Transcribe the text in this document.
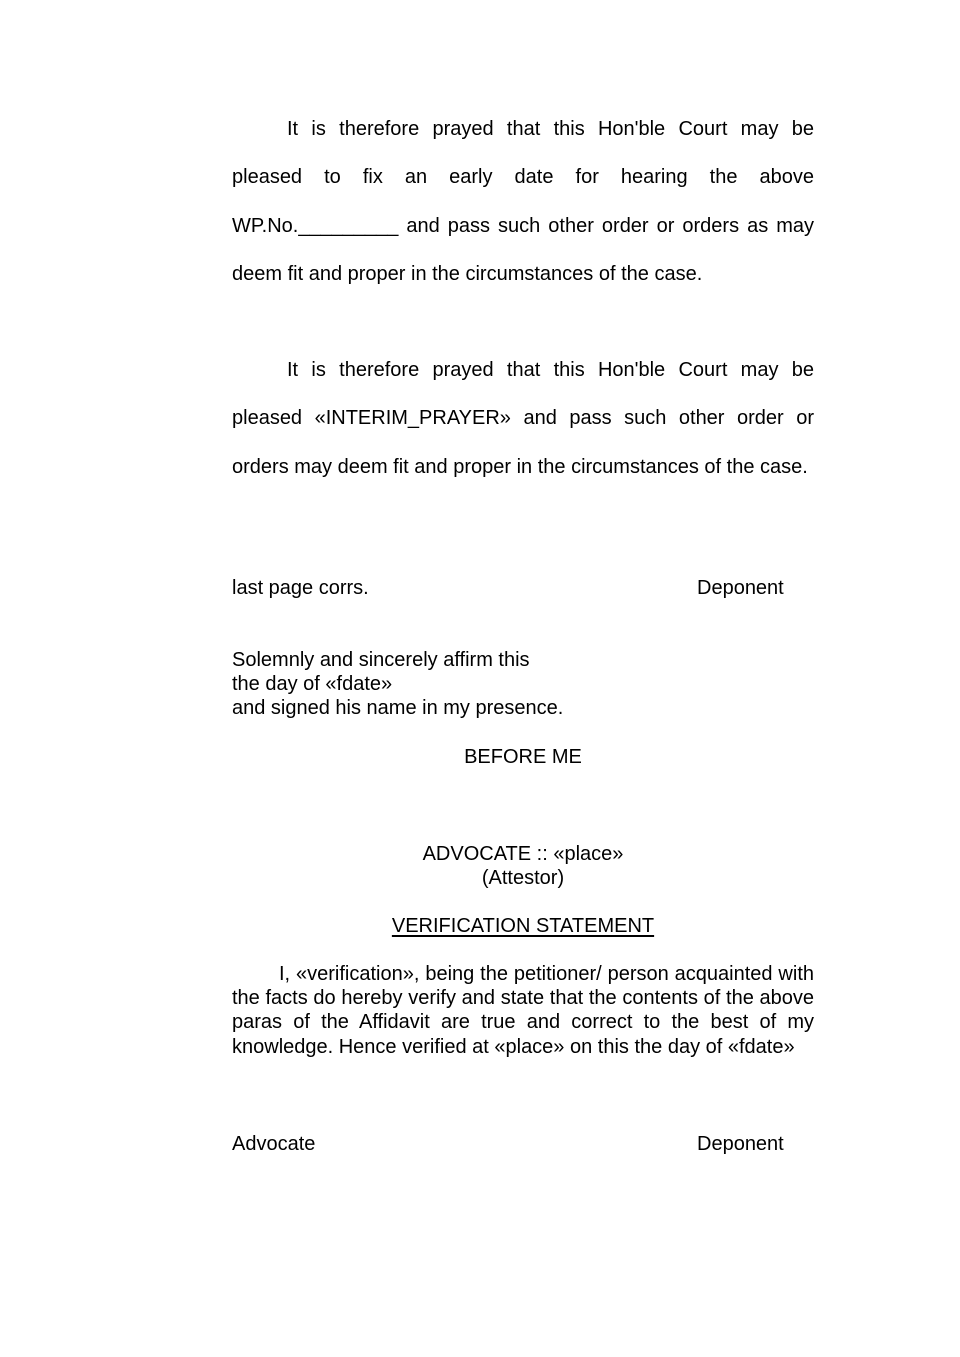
It is therefore prayed that this Hon'ble Court may be pleased to fix an early date for hearing the above WP.No._________ and pass such other order or orders as may deem fit and proper in the circumstances of the case.

It is therefore prayed that this Hon'ble Court may be pleased «INTERIM_PRAYER» and pass such other order or orders may deem fit and proper in the circumstances of the case.

last page corrs.	Deponent
Solemnly and sincerely affirm this
the day of «fdate»
and signed his name in my presence.
BEFORE ME
ADVOCATE :: «place»
(Attestor)
VERIFICATION STATEMENT

I, «verification», being the petitioner/ person acquainted with the facts do hereby verify and state that the contents of the above paras of the Affidavit are true and correct to the best of my knowledge. Hence verified at «place» on this the day of «fdate»

Advocate	Deponent
